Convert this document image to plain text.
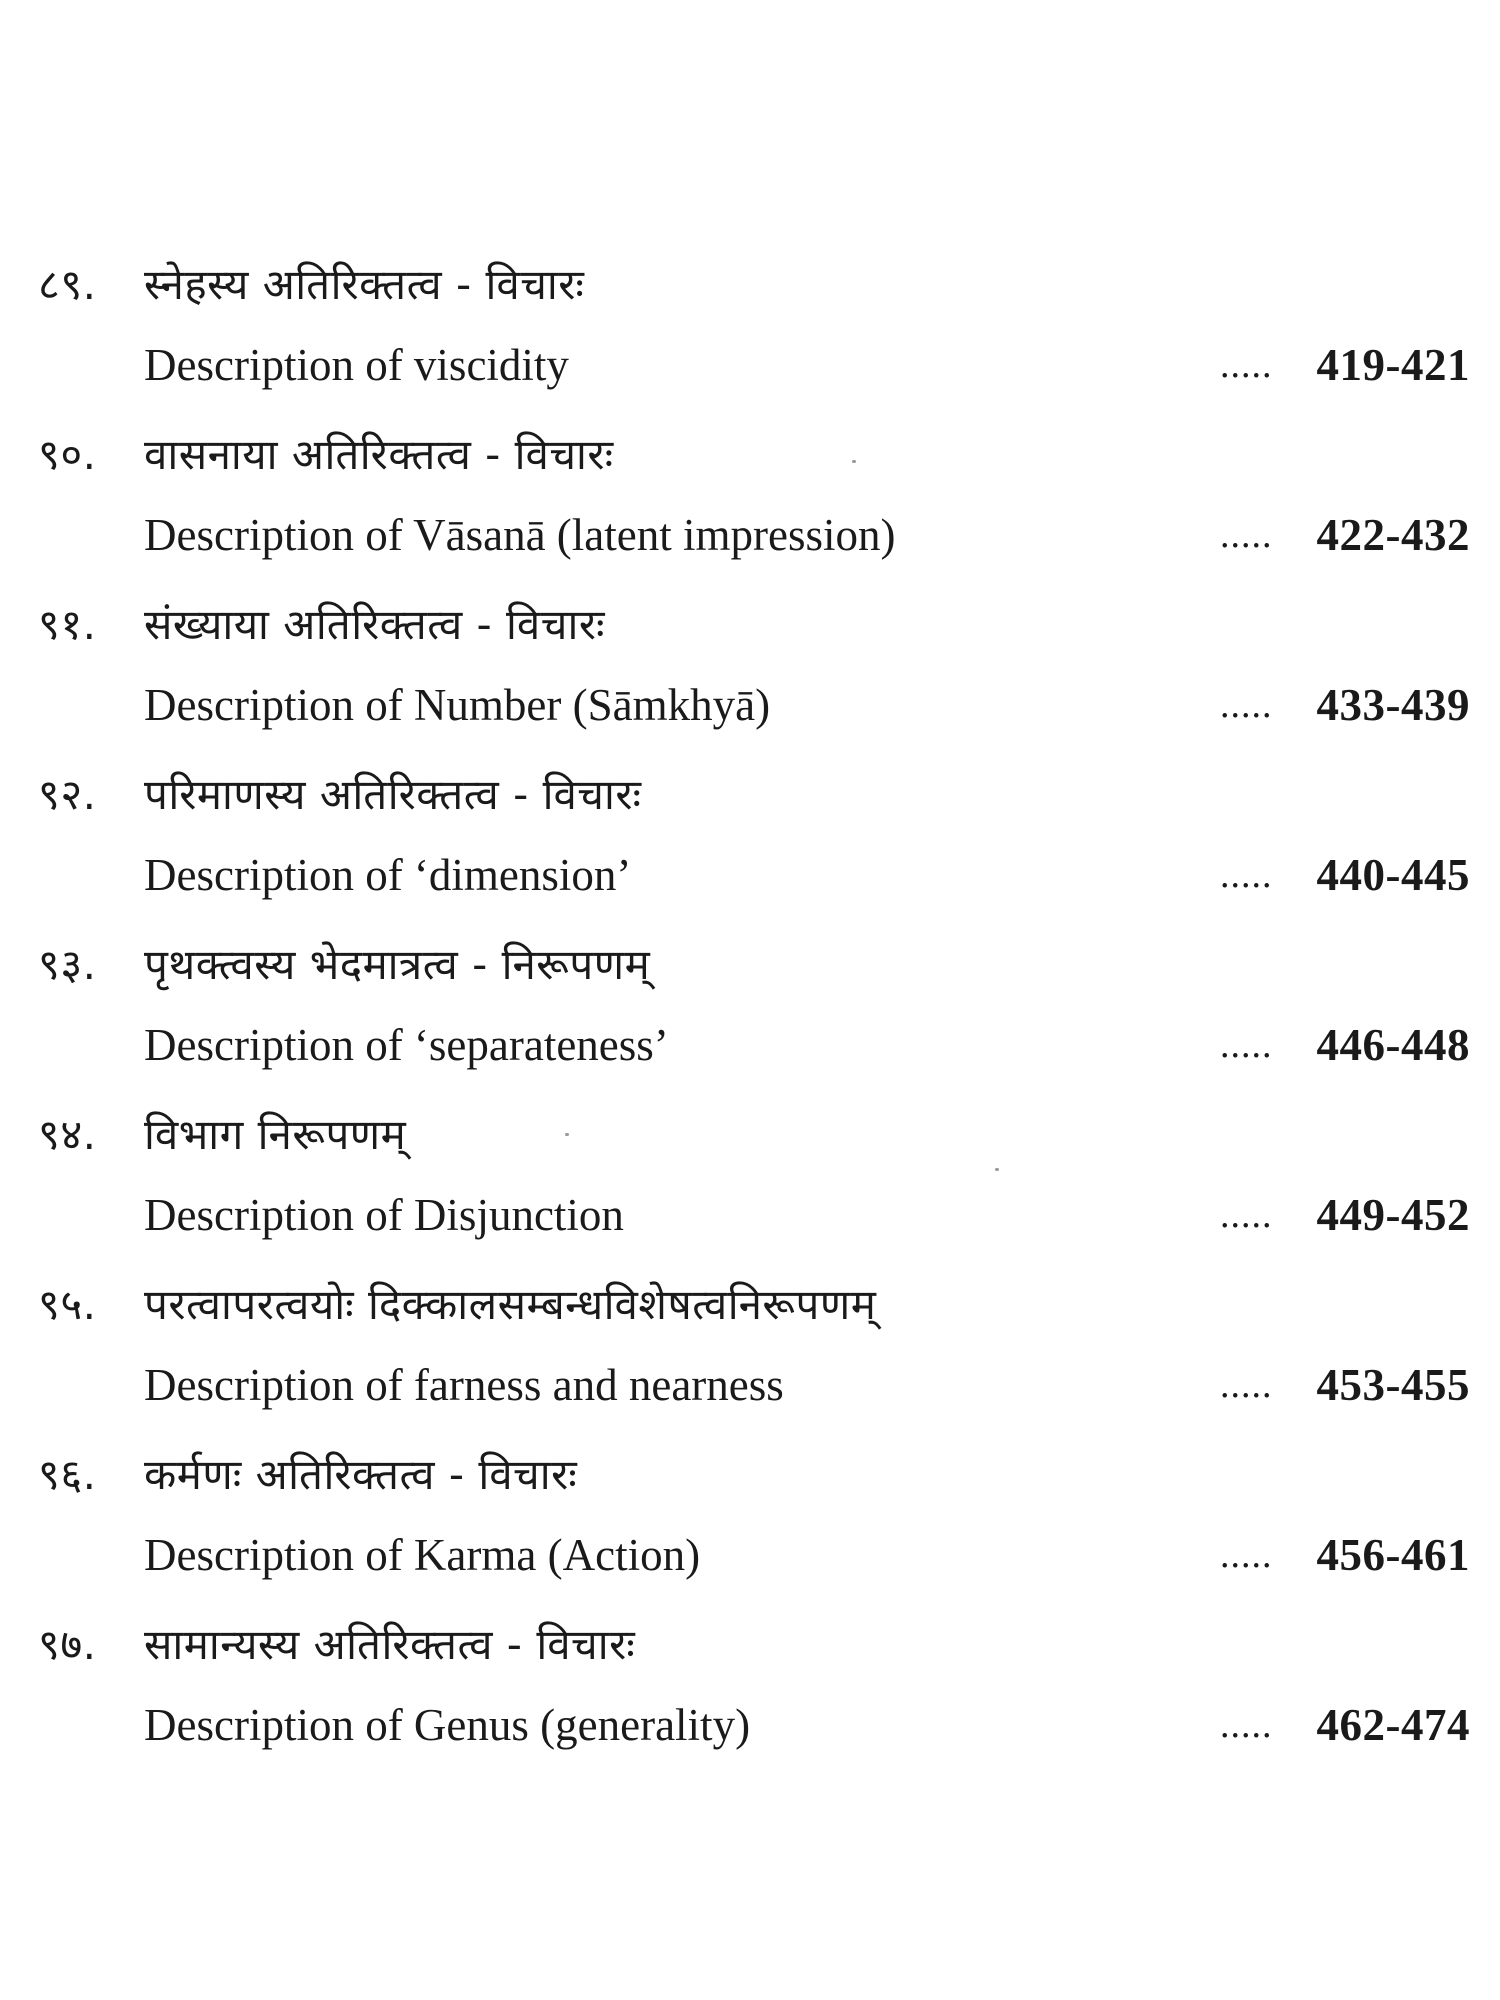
८९.	स्नेहस्य अतिरिक्तत्व - विचारः
Description of viscidity	..... 419-421
९०.	वासनाया अतिरिक्तत्व - विचारः
Description of Vāsanā (latent impression)	..... 422-432
९१.	संख्याया अतिरिक्तत्व - विचारः
Description of Number (Sāmkhyā)	..... 433-439
९२.	परिमाणस्य अतिरिक्तत्व - विचारः
Description of ‘dimension’	..... 440-445
९३.	पृथक्त्वस्य भेदमात्रत्व - निरूपणम्
Description of ‘separateness’	..... 446-448
९४.	विभाग निरूपणम्
Description of Disjunction	..... 449-452
९५.	परत्वापरत्वयोः दिक्कालसम्बन्धविशेषत्वनिरूपणम्
Description of farness and nearness	..... 453-455
९६.	कर्मणः अतिरिक्तत्व - विचारः
Description of Karma (Action)	..... 456-461
९७.	सामान्यस्य अतिरिक्तत्व - विचारः
Description of Genus (generality)	..... 462-474
